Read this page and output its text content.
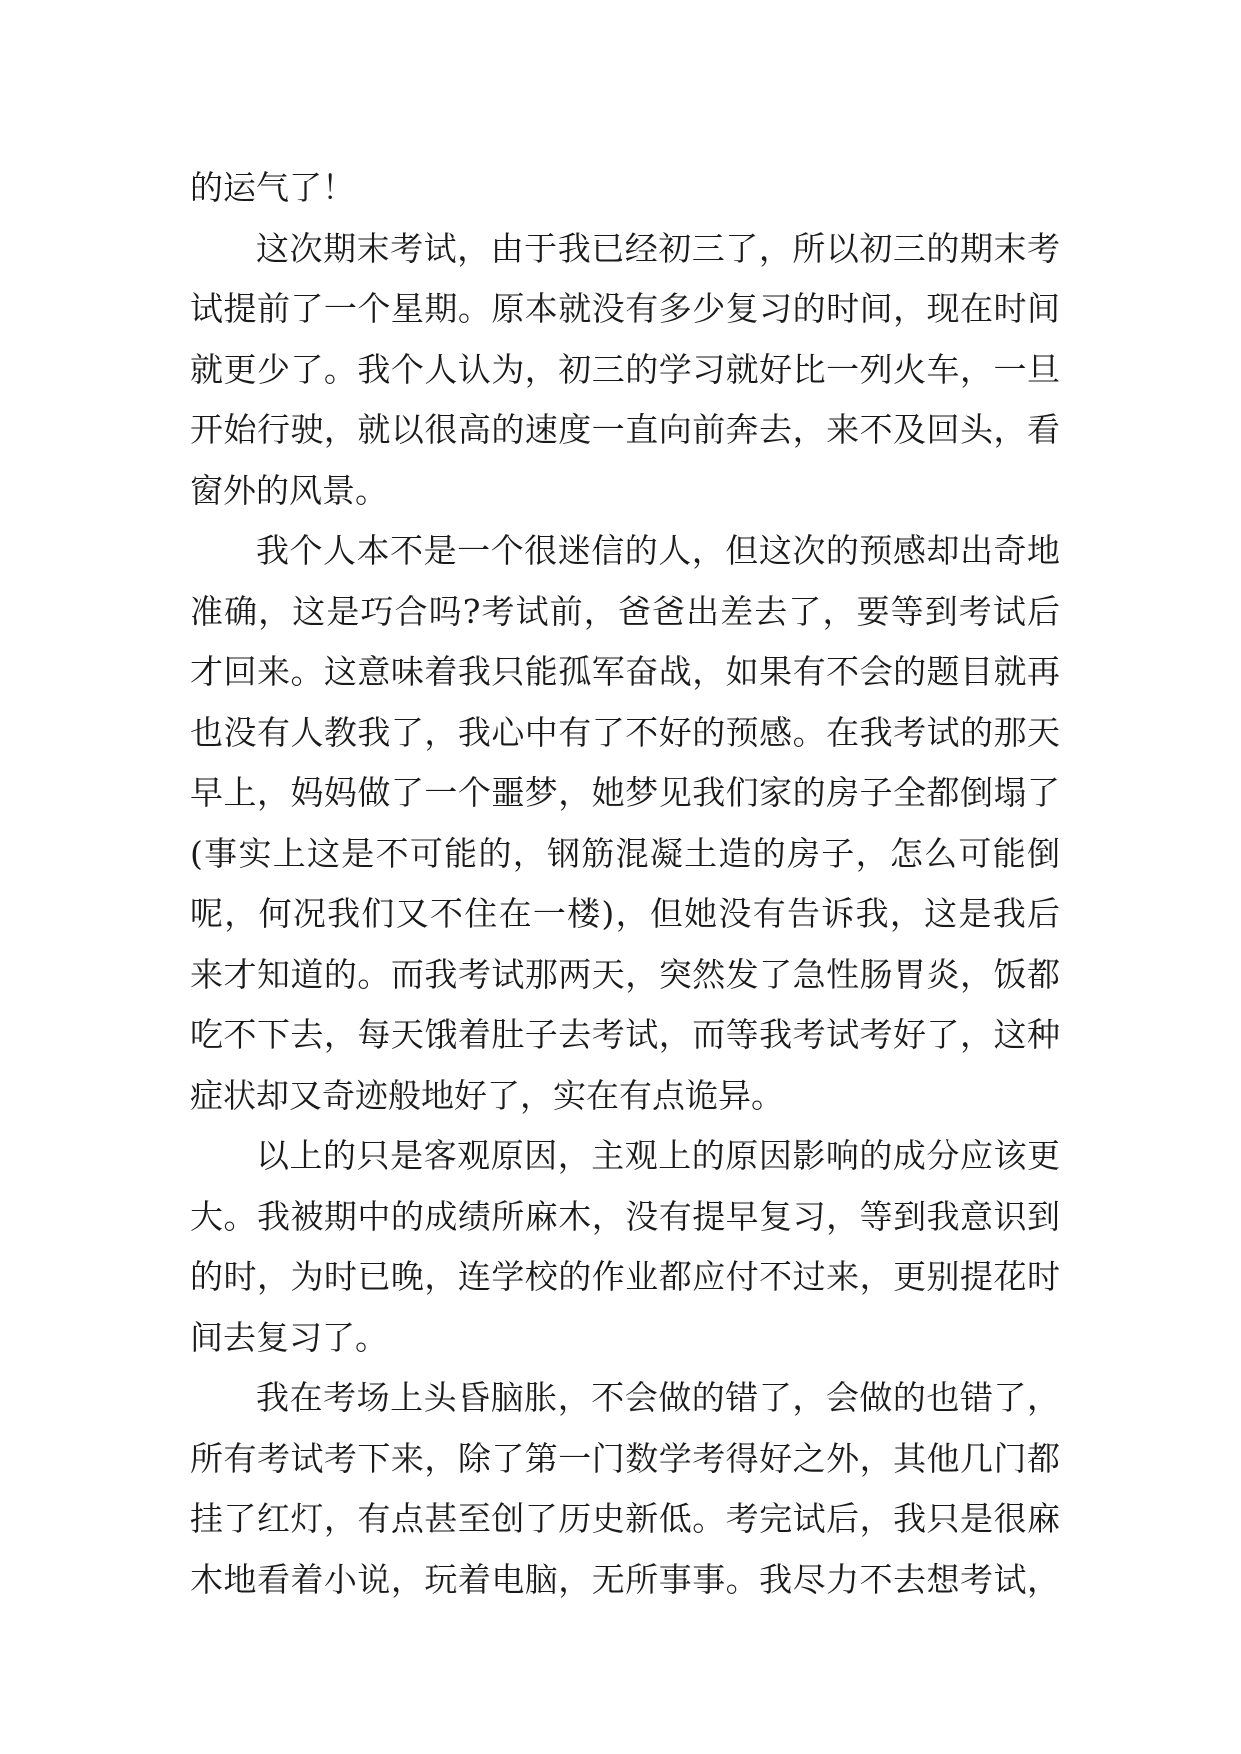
的运气了！
这次期末考试，由于我已经初三了，所以初三的期末考
试提前了一个星期。原本就没有多少复习的时间，现在时间
就更少了。我个人认为，初三的学习就好比一列火车，一旦
开始行驶，就以很高的速度一直向前奔去，来不及回头，看
窗外的风景。
我个人本不是一个很迷信的人，但这次的预感却出奇地
准确，这是巧合吗?考试前，爸爸出差去了，要等到考试后
才回来。这意味着我只能孤军奋战，如果有不会的题目就再
也没有人教我了，我心中有了不好的预感。在我考试的那天
早上，妈妈做了一个噩梦，她梦见我们家的房子全都倒塌了
(事实上这是不可能的，钢筋混凝土造的房子，怎么可能倒
呢，何况我们又不住在一楼)，但她没有告诉我，这是我后
来才知道的。而我考试那两天，突然发了急性肠胃炎，饭都
吃不下去，每天饿着肚子去考试，而等我考试考好了，这种
症状却又奇迹般地好了，实在有点诡异。
以上的只是客观原因，主观上的原因影响的成分应该更
大。我被期中的成绩所麻木，没有提早复习，等到我意识到
的时，为时已晚，连学校的作业都应付不过来，更别提花时
间去复习了。
我在考场上头昏脑胀，不会做的错了，会做的也错了，
所有考试考下来，除了第一门数学考得好之外，其他几门都
挂了红灯，有点甚至创了历史新低。考完试后，我只是很麻
木地看着小说，玩着电脑，无所事事。我尽力不去想考试，
